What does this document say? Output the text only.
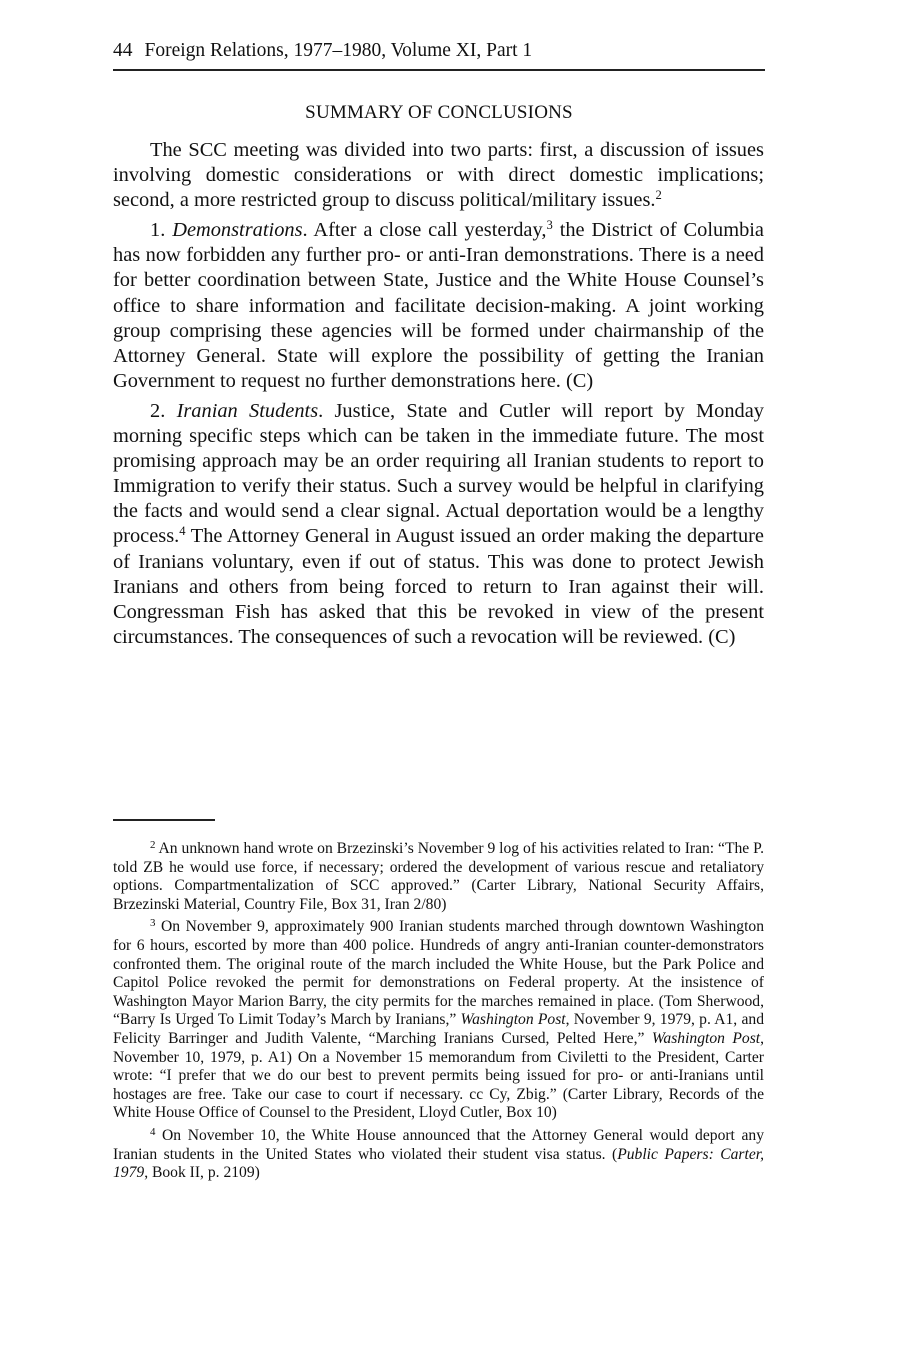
44 Foreign Relations, 1977–1980, Volume XI, Part 1
SUMMARY OF CONCLUSIONS

The SCC meeting was divided into two parts: first, a discussion of issues involving domestic considerations or with direct domestic implications; second, a more restricted group to discuss political/military issues.$^2$

1. Demonstrations. After a close call yesterday,$^3$ the District of Columbia has now forbidden any further pro- or anti-Iran demonstrations. There is a need for better coordination between State, Justice and the White House Counsel’s office to share information and facilitate decision-making. A joint working group comprising these agencies will be formed under chairmanship of the Attorney General. State will explore the possibility of getting the Iranian Government to request no further demonstrations here. (C)

2. Iranian Students. Justice, State and Cutler will report by Monday morning specific steps which can be taken in the immediate future. The most promising approach may be an order requiring all Iranian students to report to Immigration to verify their status. Such a survey would be helpful in clarifying the facts and would send a clear signal. Actual deportation would be a lengthy process.$^4$ The Attorney General in August issued an order making the departure of Iranians voluntary, even if out of status. This was done to protect Jewish Iranians and others from being forced to return to Iran against their will. Congressman Fish has asked that this be revoked in view of the present circumstances. The consequences of such a revocation will be reviewed. (C)

$^2$ An unknown hand wrote on Brzezinski’s November 9 log of his activities related to Iran: “The P. told ZB he would use force, if necessary; ordered the development of various rescue and retaliatory options. Compartmentalization of SCC approved.” (Carter Library, National Security Affairs, Brzezinski Material, Country File, Box 31, Iran 2/80)

$^3$ On November 9, approximately 900 Iranian students marched through downtown Washington for 6 hours, escorted by more than 400 police. Hundreds of angry anti-Iranian counter-demonstrators confronted them. The original route of the march included the White House, but the Park Police and Capitol Police revoked the permit for demonstrations on Federal property. At the insistence of Washington Mayor Marion Barry, the city permits for the marches remained in place. (Tom Sherwood, “Barry Is Urged To Limit Today’s March by Iranians,” Washington Post, November 9, 1979, p. A1, and Felicity Barringer and Judith Valente, “Marching Iranians Cursed, Pelted Here,” Washington Post, November 10, 1979, p. A1) On a November 15 memorandum from Civiletti to the President, Carter wrote: “I prefer that we do our best to prevent permits being issued for pro- or anti-Iranians until hostages are free. Take our case to court if necessary. cc Cy, Zbig.” (Carter Library, Records of the White House Office of Counsel to the President, Lloyd Cutler, Box 10)

$^4$ On November 10, the White House announced that the Attorney General would deport any Iranian students in the United States who violated their student visa status. (Public Papers: Carter, 1979, Book II, p. 2109)
